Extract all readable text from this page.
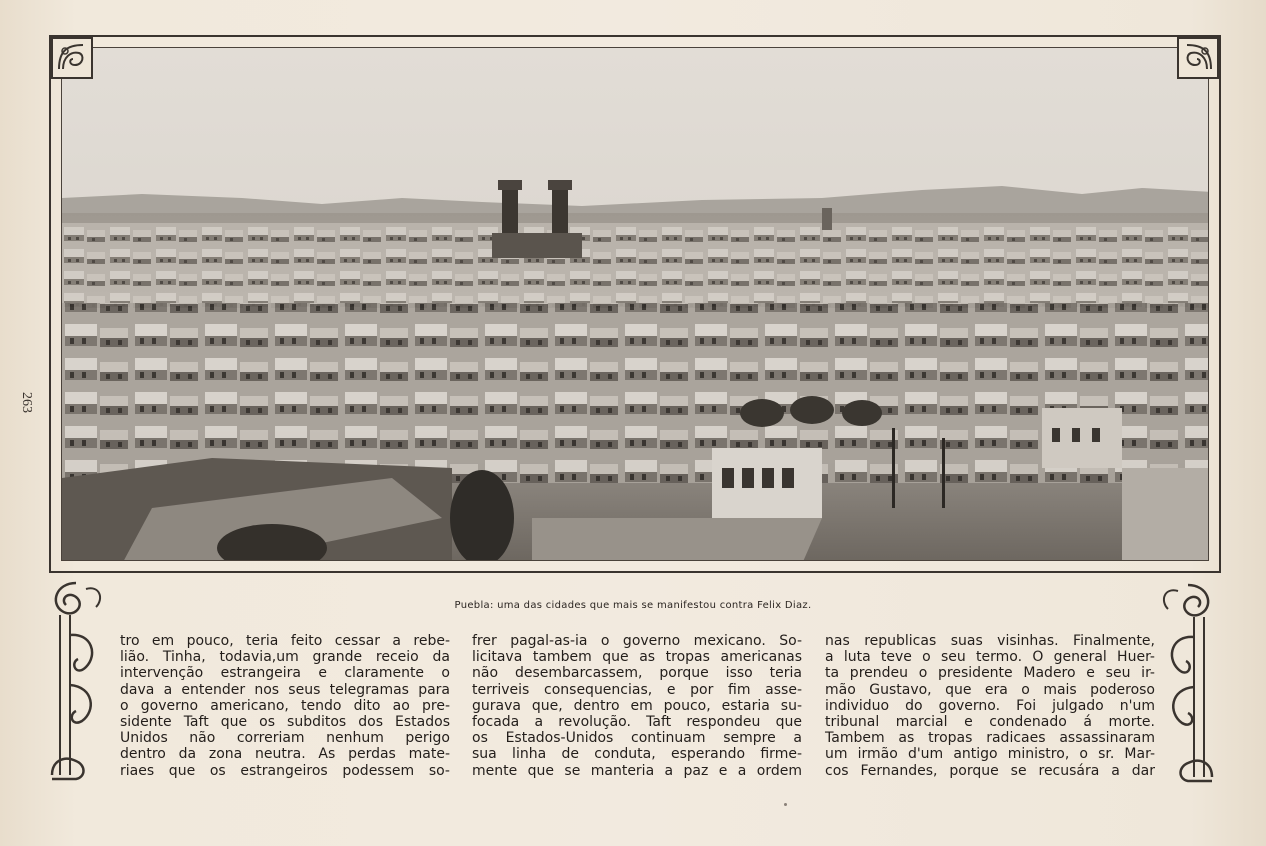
263
Puebla: uma das cidades que mais se manifestou contra Felix Diaz.
tro em pouco, teria feito cessar a rebe-
lião. Tinha, todavia,um grande receio da
intervenção estrangeira e claramente o
dava a entender nos seus telegramas para
o governo americano, tendo dito ao pre-
sidente Taft que os subditos dos Estados
Unidos não correriam nenhum perigo
dentro da zona neutra. As perdas mate-
riaes que os estrangeiros podessem so-
frer pagal-as-ia o governo mexicano. So-
licitava tambem que as tropas americanas
não desembarcassem, porque isso teria
terriveis consequencias, e por fim asse-
gurava que, dentro em pouco, estaria su-
focada a revolução. Taft respondeu que
os Estados-Unidos continuam sempre a
sua linha de conduta, esperando firme-
mente que se manteria a paz e a ordem
nas republicas suas visinhas. Finalmente,
a luta teve o seu termo. O general Huer-
ta prendeu o presidente Madero e seu ir-
mão Gustavo, que era o mais poderoso
individuo do governo. Foi julgado n'um
tribunal marcial e condenado á morte.
Tambem as tropas radicaes assassinaram
um irmão d'um antigo ministro, o sr. Mar-
cos Fernandes, porque se recusára a dar
